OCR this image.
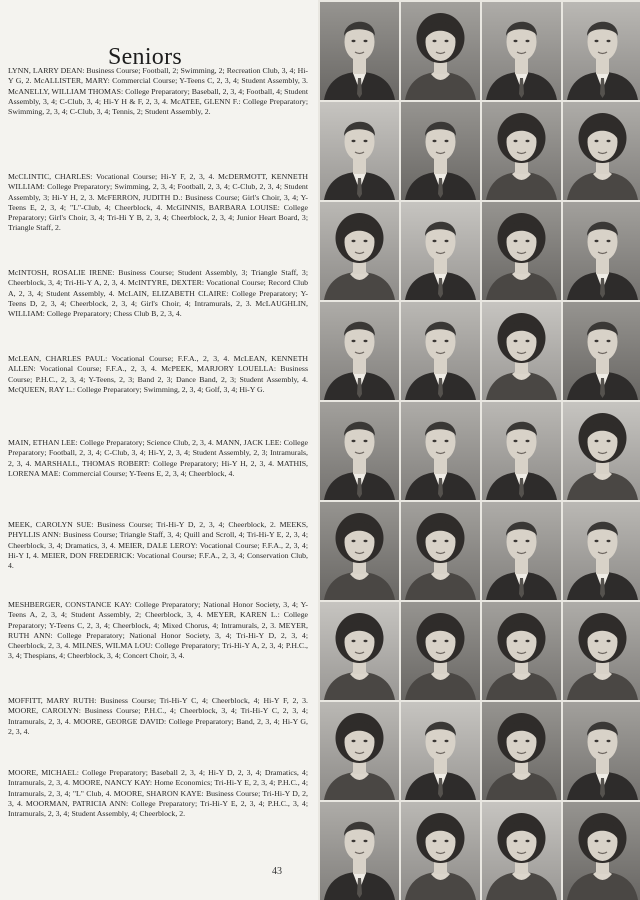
Seniors
LYNN, LARRY DEAN: Business Course; Football, 2; Swimming, 2; Recreation Club, 3, 4; Hi-Y G, 2. McALLISTER, MARY: Commercial Course; Y-Teens C, 2, 3, 4; Student Assembly, 3. McANELLY, WILLIAM THOMAS: College Preparatory; Baseball, 2, 3, 4; Football, 4; Student Assembly, 3, 4; C-Club, 3, 4; Hi-Y H & F, 2, 3, 4. McATEE, GLENN F.: College Preparatory; Swimming, 2, 3, 4; C-Club, 3, 4; Tennis, 2; Student Assembly, 2.
McCLINTIC, CHARLES: Vocational Course; Hi-Y F, 2, 3, 4. McDERMOTT, KENNETH WILLIAM: College Preparatory; Swimming, 2, 3, 4; Football, 2, 3, 4; C-Club, 2, 3, 4; Student Assembly, 3; Hi-Y H, 2, 3. McFERRON, JUDITH D.: Business Course; Girl's Choir, 3, 4; Y-Teens E, 2, 3, 4; "L"-Club, 4; Cheerblock, 4. McGINNIS, BARBARA LOUISE: College Preparatory; Girl's Choir, 3, 4; Tri-Hi Y B, 2, 3, 4; Cheerblock, 2, 3, 4; Junior Heart Board, 3; Triangle Staff, 2.
McINTOSH, ROSALIE IRENE: Business Course; Student Assembly, 3; Triangle Staff, 3; Cheerblock, 3, 4; Tri-Hi-Y A, 2, 3, 4. McINTYRE, DEXTER: Vocational Course; Record Club A, 2, 3, 4; Student Assembly, 4. McLAIN, ELIZABETH CLAIRE: College Preparatory; Y-Teens D, 2, 3, 4; Cheerblock, 2, 3, 4; Girl's Choir, 4; Intramurals, 2, 3. McLAUGHLIN, WILLIAM: College Preparatory; Chess Club B, 2, 3, 4.
McLEAN, CHARLES PAUL: Vocational Course; F.F.A., 2, 3, 4. McLEAN, KENNETH ALLEN: Vocational Course; F.F.A., 2, 3, 4. McPEEK, MARJORY LOUELLA: Business Course; P.H.C., 2, 3, 4; Y-Teens, 2, 3; Band 2, 3; Dance Band, 2, 3; Student Assembly, 4. McQUEEN, RAY L.: College Preparatory; Swimming, 2, 3, 4; Golf, 3, 4; Hi-Y G.
MAIN, ETHAN LEE: College Preparatory; Science Club, 2, 3, 4. MANN, JACK LEE: College Preparatory; Football, 2, 3, 4; C-Club, 3, 4; Hi-Y, 2, 3, 4; Student Assembly, 2, 3; Intramurals, 2, 3, 4. MARSHALL, THOMAS ROBERT: College Preparatory; Hi-Y H, 2, 3, 4. MATHIS, LORENA MAE: Commercial Course; Y-Teens E, 2, 3, 4; Cheerblock, 4.
MEEK, CAROLYN SUE: Business Course; Tri-Hi-Y D, 2, 3, 4; Cheerblock, 2. MEEKS, PHYLLIS ANN: Business Course; Triangle Staff, 3, 4; Quill and Scroll, 4; Tri-Hi-Y E, 2, 3, 4; Cheerblock, 3, 4; Dramatics, 3, 4. MEIER, DALE LEROY: Vocational Course; F.F.A., 2, 3, 4; Hi-Y I, 4. MEIER, DON FREDERICK: Vocational Course; F.F.A., 2, 3, 4; Conservation Club, 4.
MESHBERGER, CONSTANCE KAY: College Preparatory; National Honor Society, 3, 4; Y-Teens A, 2, 3, 4; Student Assembly, 2; Cheerblock, 3, 4. MEYER, KAREN L.: College Preparatory; Y-Teens C, 2, 3, 4; Cheerblock, 4; Mixed Chorus, 4; Intramurals, 2, 3. MEYER, RUTH ANN: College Preparatory; National Honor Society, 3, 4; Tri-Hi-Y D, 2, 3, 4; Cheerblock, 2, 3, 4. MILNES, WILMA LOU: College Preparatory; Tri-Hi-Y A, 2, 3, 4; P.H.C., 3, 4; Thespians, 4; Cheerblock, 3, 4; Concert Choir, 3, 4.
MOFFITT, MARY RUTH: Business Course; Tri-Hi-Y C, 4; Cheerblock, 4; Hi-Y F, 2, 3. MOORE, CAROLYN: Business Course; P.H.C., 4; Cheerblock, 3, 4; Tri-Hi-Y C, 2, 3, 4; Intramurals, 2, 3, 4. MOORE, GEORGE DAVID: College Preparatory; Band, 2, 3, 4; Hi-Y G, 2, 3, 4.
MOORE, MICHAEL: College Preparatory; Baseball 2, 3, 4; Hi-Y D, 2, 3, 4; Dramatics, 4; Intramurals, 2, 3, 4. MOORE, NANCY KAY: Home Economics; Tri-Hi-Y E, 2, 3, 4; P.H.C., 4; Intramurals, 2, 3, 4; "L" Club, 4. MOORE, SHARON KAYE: Business Course; Tri-Hi-Y D, 2, 3, 4. MOORMAN, PATRICIA ANN: College Preparatory; Tri-Hi-Y E, 2, 3, 4; P.H.C., 3, 4; Intramurals, 2, 3, 4; Student Assembly, 4; Cheerblock, 2.
43
